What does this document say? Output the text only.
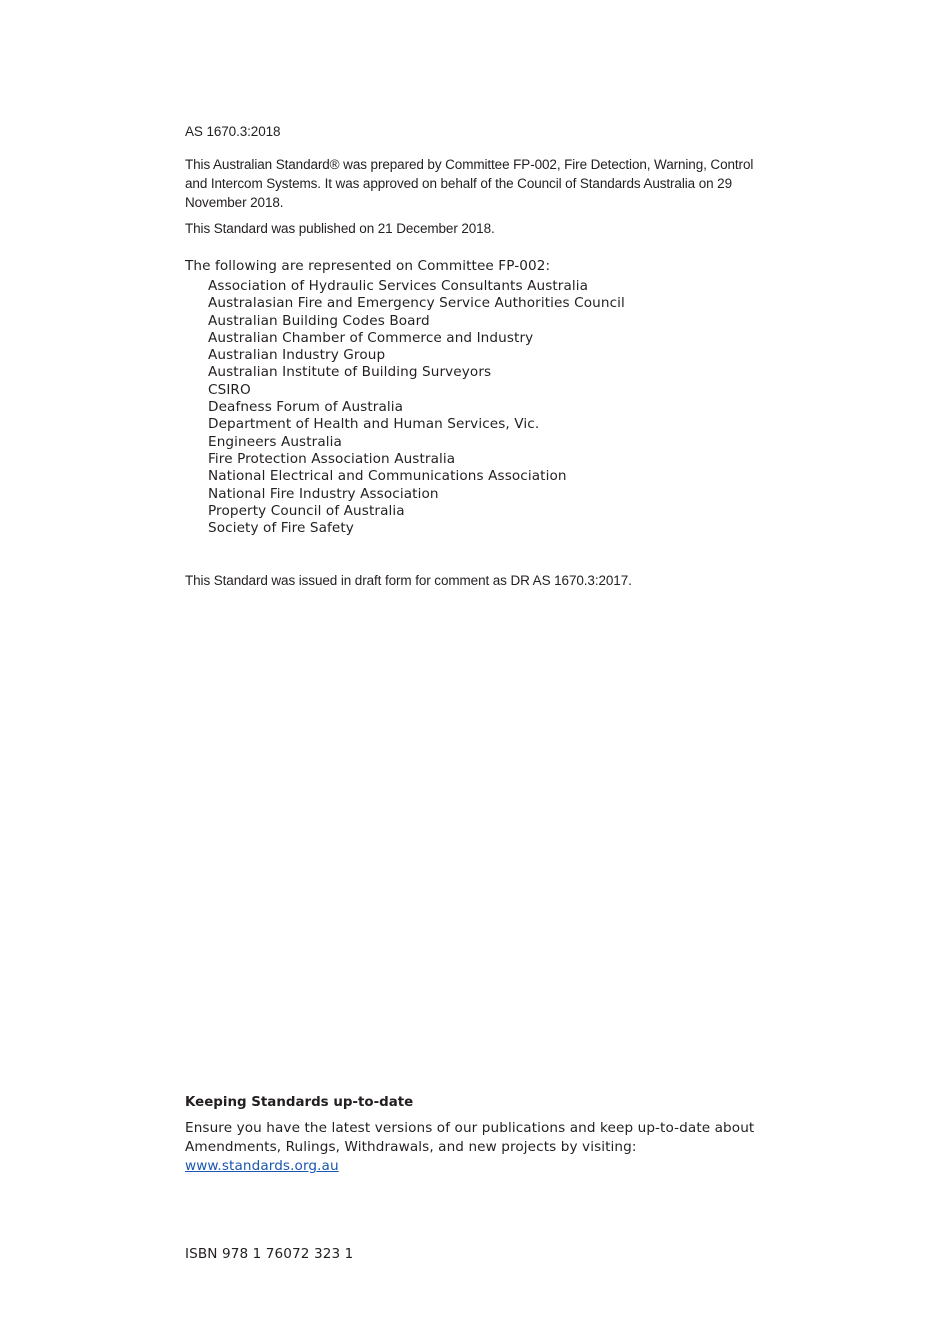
AS 1670.3:2018
This Australian Standard® was prepared by Committee FP-002, Fire Detection, Warning, Control and Intercom Systems. It was approved on behalf of the Council of Standards Australia on 29 November 2018.
This Standard was published on 21 December 2018.
The following are represented on Committee FP-002:
Association of Hydraulic Services Consultants Australia
Australasian Fire and Emergency Service Authorities Council
Australian Building Codes Board
Australian Chamber of Commerce and Industry
Australian Industry Group
Australian Institute of Building Surveyors
CSIRO
Deafness Forum of Australia
Department of Health and Human Services, Vic.
Engineers Australia
Fire Protection Association Australia
National Electrical and Communications Association
National Fire Industry Association
Property Council of Australia
Society of Fire Safety
This Standard was issued in draft form for comment as DR AS 1670.3:2017.
Keeping Standards up-to-date
Ensure you have the latest versions of our publications and keep up-to-date about Amendments, Rulings, Withdrawals, and new projects by visiting:
www.standards.org.au
ISBN 978 1 76072 323 1
